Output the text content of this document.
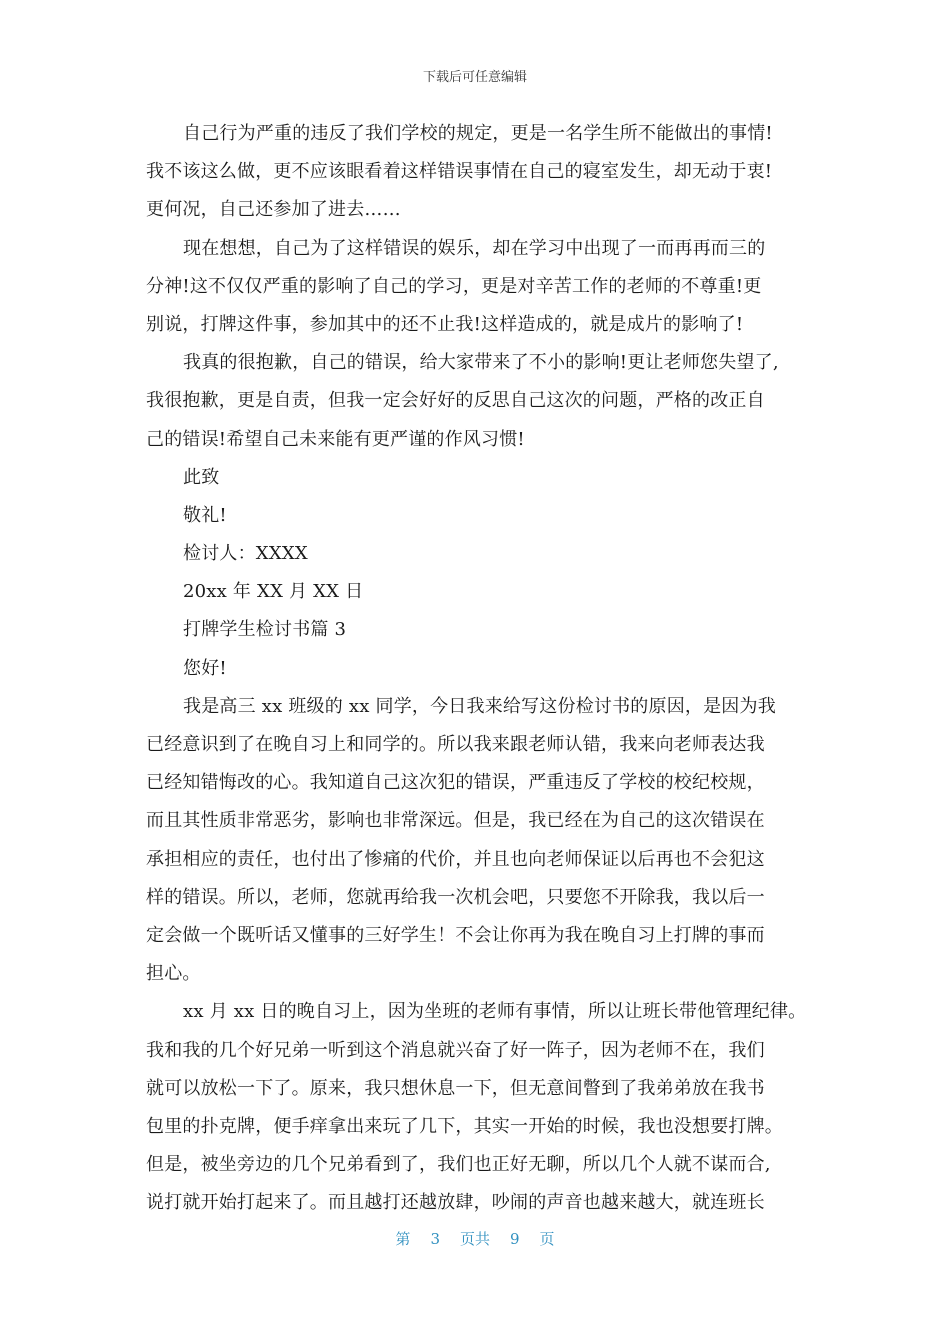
下载后可任意编辑
自己行为严重的违反了我们学校的规定，更是一名学生所不能做出的事情!
我不该这么做，更不应该眼看着这样错误事情在自己的寝室发生，却无动于衷!
更何况，自己还参加了进去……
现在想想，自己为了这样错误的娱乐，却在学习中出现了一而再再而三的
分神!这不仅仅严重的影响了自己的学习，更是对辛苦工作的老师的不尊重!更
别说，打牌这件事，参加其中的还不止我!这样造成的，就是成片的影响了!
我真的很抱歉，自己的错误，给大家带来了不小的影响!更让老师您失望了,
我很抱歉，更是自责，但我一定会好好的反思自己这次的问题，严格的改正自
己的错误!希望自己未来能有更严谨的作风习惯!
此致
敬礼!
检讨人：XXXX
20xx 年 XX 月 XX 日
打牌学生检讨书篇 3
您好!
我是高三 xx 班级的 xx 同学，今日我来给写这份检讨书的原因，是因为我
已经意识到了在晚自习上和同学的。所以我来跟老师认错，我来向老师表达我
已经知错悔改的心。我知道自己这次犯的错误，严重违反了学校的校纪校规，
而且其性质非常恶劣，影响也非常深远。但是，我已经在为自己的这次错误在
承担相应的责任，也付出了惨痛的代价，并且也向老师保证以后再也不会犯这
样的错误。所以，老师，您就再给我一次机会吧，只要您不开除我，我以后一
定会做一个既听话又懂事的三好学生！不会让你再为我在晚自习上打牌的事而
担心。
xx 月 xx 日的晚自习上，因为坐班的老师有事情，所以让班长带他管理纪律。
我和我的几个好兄弟一听到这个消息就兴奋了好一阵子，因为老师不在，我们
就可以放松一下了。原来，我只想休息一下，但无意间瞥到了我弟弟放在我书
包里的扑克牌，便手痒拿出来玩了几下，其实一开始的时候，我也没想要打牌。
但是，被坐旁边的几个兄弟看到了，我们也正好无聊，所以几个人就不谋而合,
说打就开始打起来了。而且越打还越放肆，吵闹的声音也越来越大，就连班长
第 3 页共 9 页
